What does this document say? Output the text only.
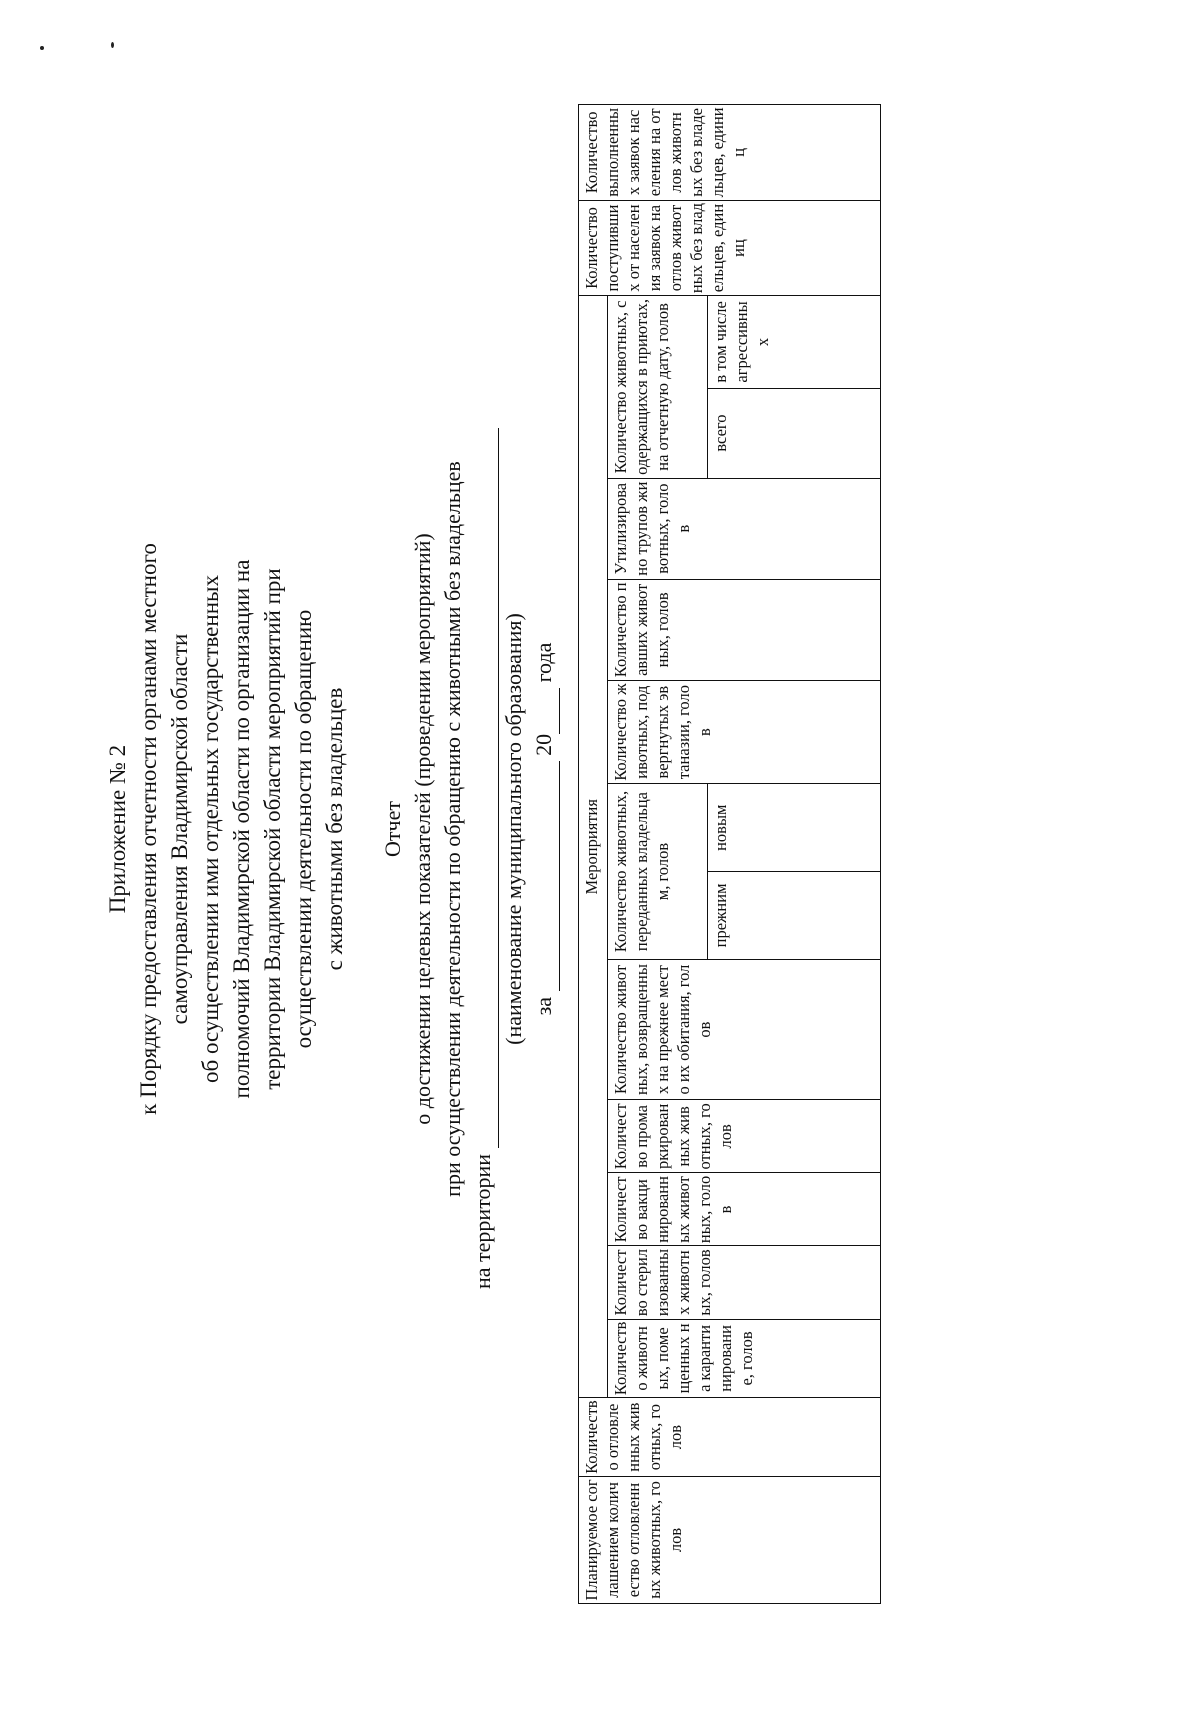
Приложение № 2 к Порядку предоставления отчетности органами местного самоуправления Владимирской области об осуществлении ими отдельных государственных полномочий Владимирской области по организации на территории Владимирской области мероприятий при осуществлении деятельности по обращению с животными без владельцев Отчет о достижении целевых показателей (проведении мероприятий) при осуществлении деятельности по обращению с животными без владельцев
на территории
(наименование муниципального образования) за   20  года
Планируемое соглашением количество отловленных животных, голов	Количество отловленных животных, голов	Мероприятия												Количество поступивших от населения заявок на отлов животных без владельцев, единиц	Количество выполненных заявок населения на отлов животных без владельцев, единиц
		Количество животных, помещенных на карантинирование, голов	Количество стерилизованных животных, голов	Количество вакцинированных животных, голов	Количество промаркированных животных, голов	Количество животных, возвращенных на прежнее место их обитания, голов	Количество животных, переданных владельцам, голов		Количество животных, подвергнутых эвтаназии, голов	Количество павших животных, голов	Утилизировано трупов животных, голов	Количество животных, содержащихся в приютах, на отчетную дату, голов			
							прежним	новым				всего	в том числе агрессивных		
